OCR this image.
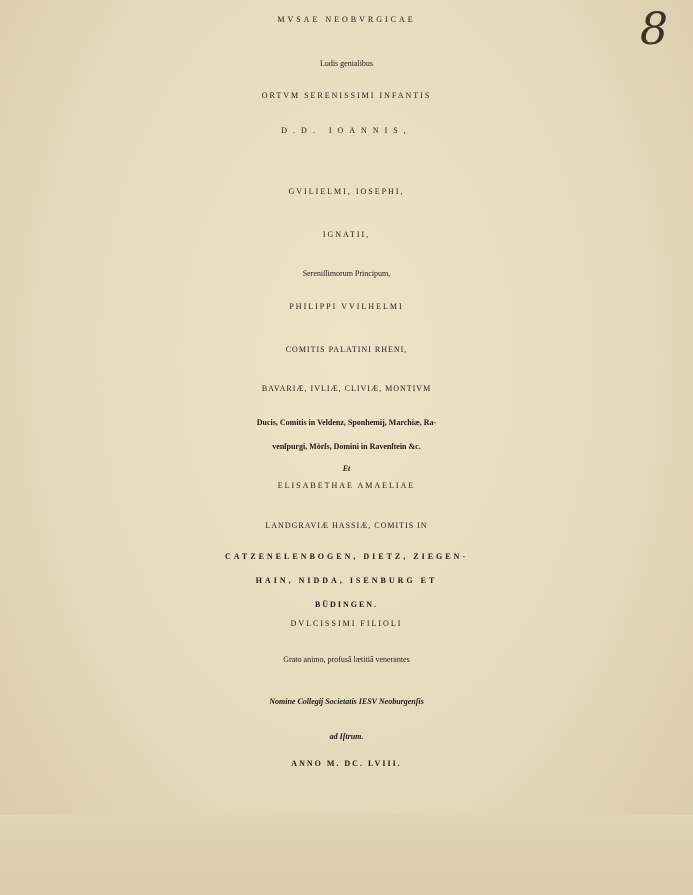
8
MVSAE NEOBVRGICAE
Ludis genialibus
ORTVM SERENISSIMI INFANTIS
D.D. IOANNIS,
GVILIELMI, IOSEPHI,
IGNATII,
Sereniſſimorum Principum,
PHILIPPI VVILHELMI
COMITIS PALATINI RHENI,
BAVARIÆ, IVLIÆ, CLIVIÆ, MONTIVM
Ducis, Comitis in Veldenz, Sponhemij, Marchiæ, Ra-
venſpurgi, Mörſs, Domini in Ravenſtein &c.
Et
ELISABETHAE AMAELIAE
LANDGRAVIÆ HASSIÆ, COMITIS IN
CATZENELENBOGEN, DIETZ, ZIEGEN-
HAIN, NIDDA, ISENBURG ET
BÜDINGEN.
DVLCISSIMI FILIOLI
Grato animo, profusâ lætitiâ venerantes
Nomine Collegij Societatis IESV Neoburgenſis
ad Iſtrum.
ANNO M. DC. LVIII.
